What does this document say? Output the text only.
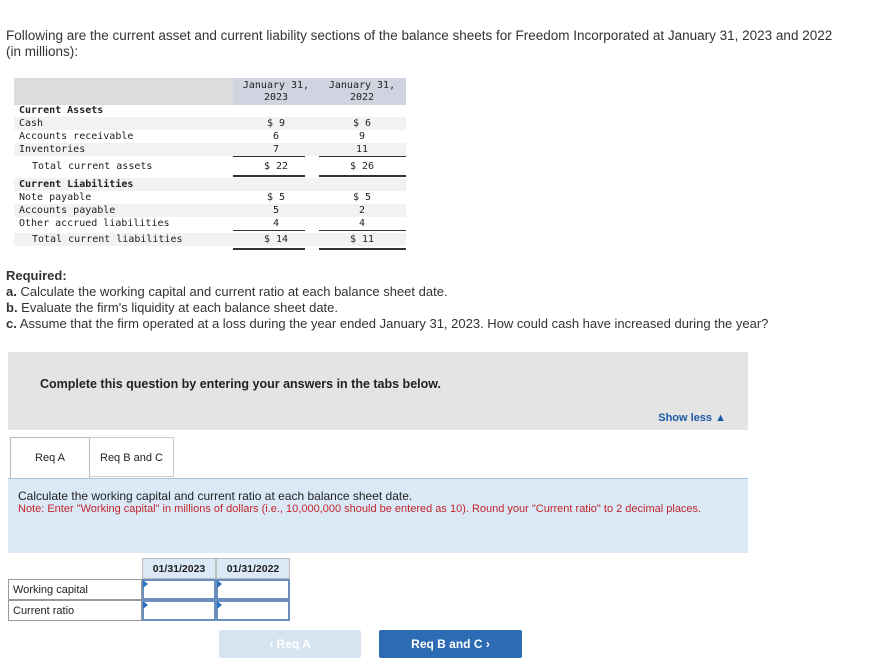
Following are the current asset and current liability sections of the balance sheets for Freedom Incorporated at January 31, 2023 and 2022 (in millions):
January 31,
2023
January 31,
2022
Current Assets
Cash	$ 9	$ 6
Accounts receivable	6	9
Inventories	7	11
Total current assets	$ 22	$ 26
Current Liabilities
Note payable	$ 5	$ 5
Accounts payable	5	2
Other accrued liabilities	4	4
Total current liabilities	$ 14	$ 11
Required:
a. Calculate the working capital and current ratio at each balance sheet date.
b. Evaluate the firm's liquidity at each balance sheet date.
c. Assume that the firm operated at a loss during the year ended January 31, 2023. How could cash have increased during the year?
Complete this question by entering your answers in the tabs below.
Show less ▲
Req A	Req B and C
Calculate the working capital and current ratio at each balance sheet date.
Note: Enter "Working capital" in millions of dollars (i.e., 10,000,000 should be entered as 10). Round your "Current ratio" to 2 decimal places.
01/31/2023	01/31/2022
Working capital
Current ratio
‹ Req A	Req B and C ›
